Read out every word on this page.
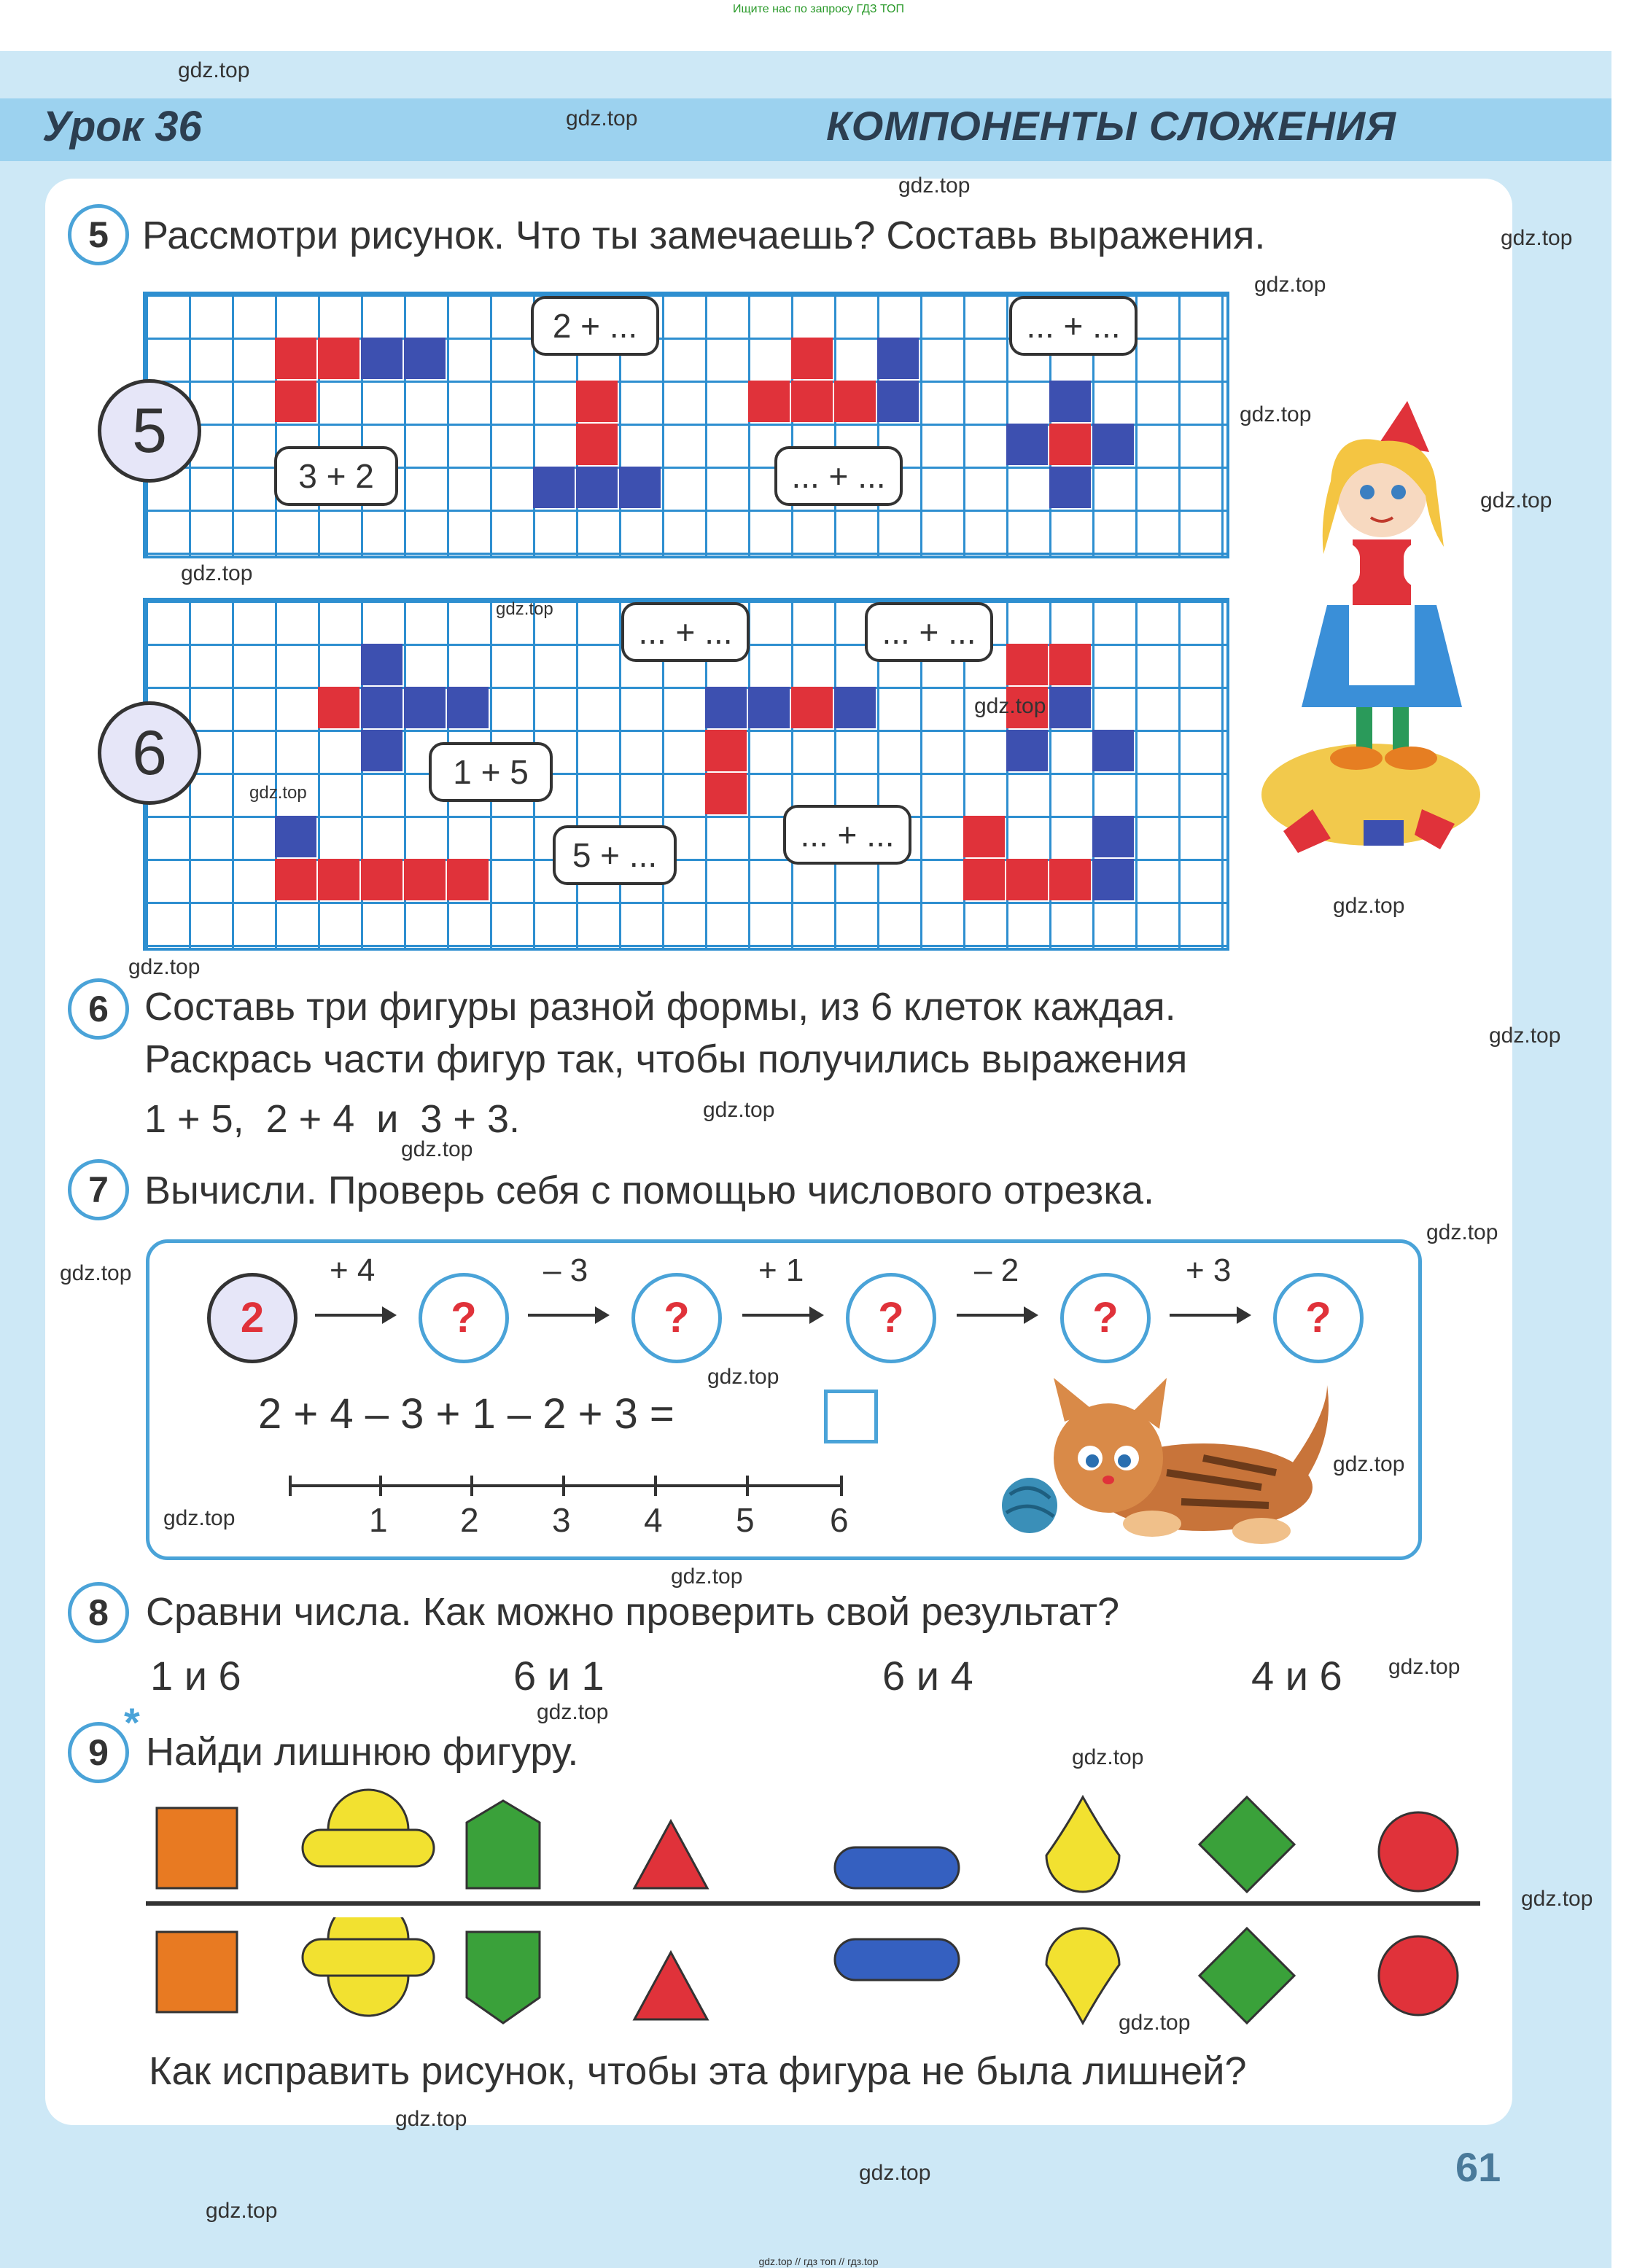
Ищите нас по запросу ГДЗ ТОП
Урок 36	КОМПОНЕНТЫ СЛОЖЕНИЯ
5 Рассмотри рисунок. Что ты замечаешь? Составь выражения.
5
3 + 2
2 + ...
... + ...
... + ...
6	1 + 5
5 + ...
... + ...	... + ...
... + ...
6 Составь три фигуры разной формы, из 6 клеток каждая.
Раскрась части фигур так, чтобы получились выражения
1 + 5,  2 + 4  и  3 + 3.
7 Вычисли. Проверь себя с помощью числового отрезка.
2
+ 4
?
– 3
?
+ 1
?
– 2
?
+ 3
?
2 + 4 – 3 + 1 – 2 + 3 =
1 2 3 4 5 6
8 Сравни числа. Как можно проверить свой результат?
1 и 6	6 и 1	6 и 4	4 и 6
9
*
Найди лишнюю фигуру.
Как исправить рисунок, чтобы эта фигура не была лишней?
61
gdz.top // гдз топ // гдз.top
gdz.top
gdz.top
gdz.top
gdz.top
gdz.top
gdz.top
gdz.top
gdz.top
gdz.top
gdz.top
gdz.top
gdz.top
gdz.top
gdz.top
gdz.top
gdz.top
gdz.top
gdz.top
gdz.top
gdz.top
gdz.top
gdz.top
gdz.top
gdz.top
gdz.top
gdz.top
gdz.top
gdz.top
gdz.top
gdz.top
